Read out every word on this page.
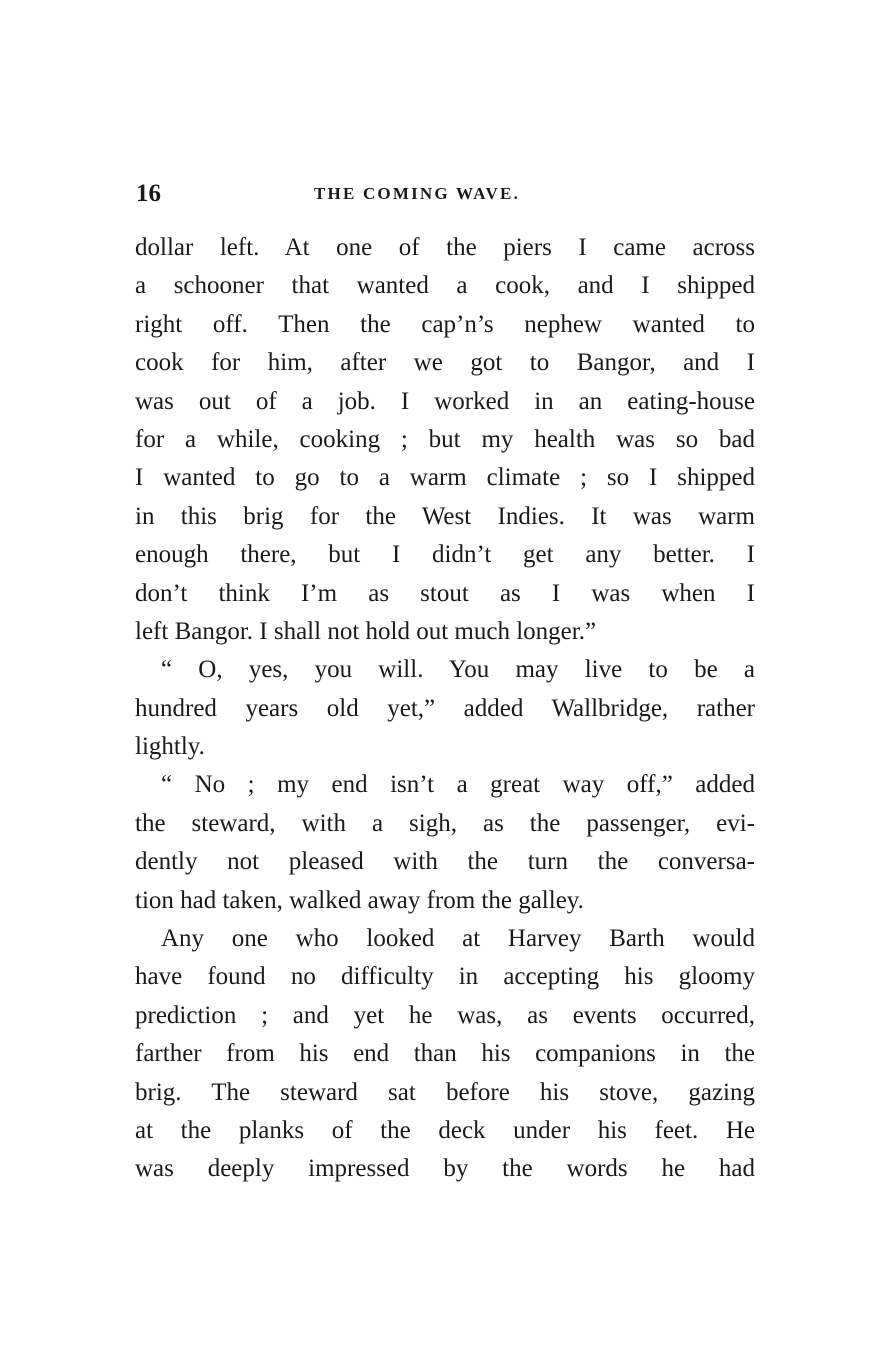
16	THE COMING WAVE.
dollar left. At one of the piers I came across
a schooner that wanted a cook, and I shipped
right off. Then the cap’n’s nephew wanted to
cook for him, after we got to Bangor, and I
was out of a job. I worked in an eating-house
for a while, cooking ; but my health was so bad
I wanted to go to a warm climate ; so I shipped
in this brig for the West Indies. It was warm
enough there, but I didn’t get any better. I
don’t think I’m as stout as I was when I
left Bangor. I shall not hold out much longer.”
“ O, yes, you will. You may live to be a
hundred years old yet,” added Wallbridge, rather
lightly.
“ No ; my end isn’t a great way off,” added
the steward, with a sigh, as the passenger, evi-
dently not pleased with the turn the conversa-
tion had taken, walked away from the galley.
Any one who looked at Harvey Barth would
have found no difficulty in accepting his gloomy
prediction ; and yet he was, as events occurred,
farther from his end than his companions in the
brig. The steward sat before his stove, gazing
at the planks of the deck under his feet. He
was deeply impressed by the words he had
